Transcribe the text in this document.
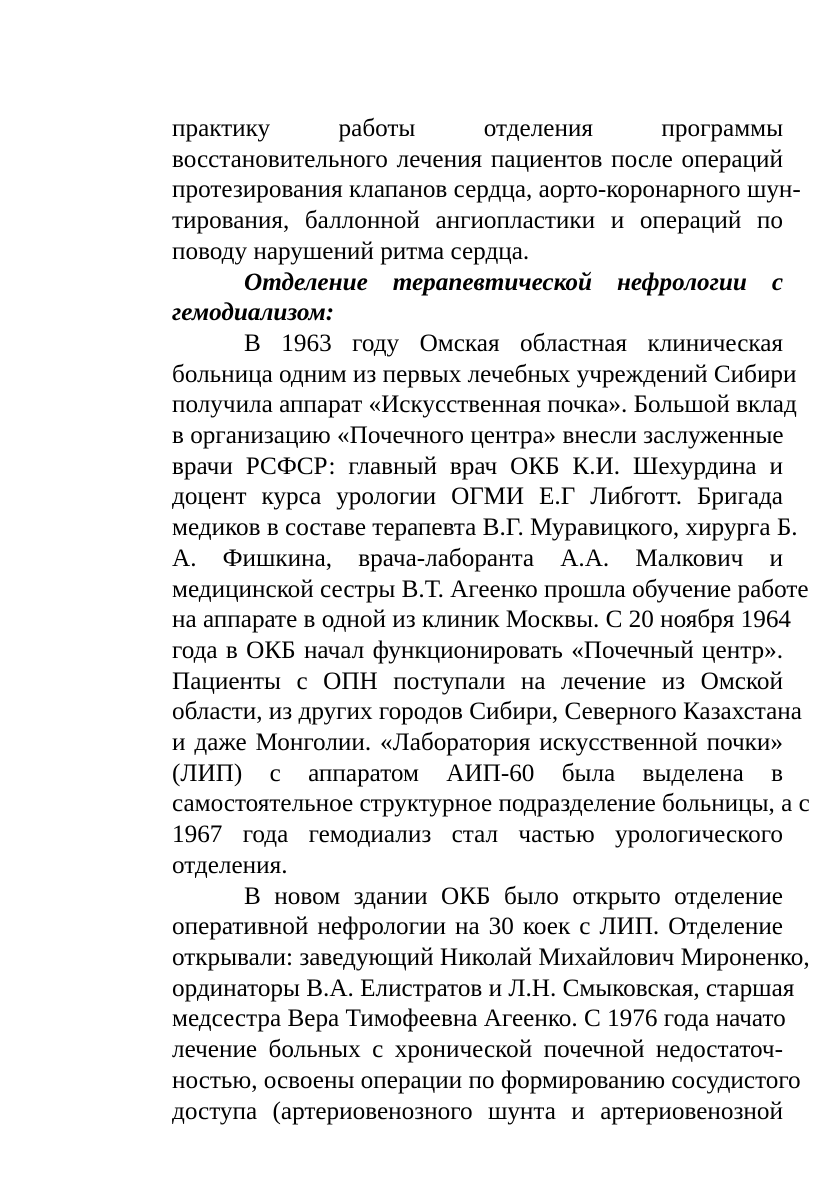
практику работы отделения программы
восстановительного лечения пациентов после операций
протезирования клапанов сердца, аорто-коронарного шун-
тирования, баллонной ангиопластики и операций по
поводу нарушений ритма сердца.

Отделение терапевтической нефрологии с
гемодиализом:

В 1963 году Омская областная клиническая
больница одним из первых лечебных учреждений Сибири
получила аппарат «Искусственная почка». Большой вклад
в организацию «Почечного центра» внесли заслуженные
врачи РСФСР: главный врач ОКБ К.И. Шехурдина и
доцент курса урологии ОГМИ Е.Г Либготт. Бригада
медиков в составе терапевта В.Г. Муравицкого, хирурга Б.
А. Фишкина, врача-лаборанта А.А. Малкович и
медицинской сестры В.Т. Агеенко прошла обучение работе
на аппарате в одной из клиник Москвы. С 20 ноября 1964
года в ОКБ начал функционировать «Почечный центр».
Пациенты с ОПН поступали на лечение из Омской
области, из других городов Сибири, Северного Казахстана
и даже Монголии. «Лаборатория искусственной почки»
(ЛИП) с аппаратом АИП-60 была выделена в
самостоятельное структурное подразделение больницы, а с
1967 года гемодиализ стал частью урологического
отделения.

В новом здании ОКБ было открыто отделение
оперативной нефрологии на 30 коек с ЛИП. Отделение
открывали: заведующий Николай Михайлович Мироненко,
ординаторы В.А. Елистратов и Л.Н. Смыковская, старшая
медсестра Вера Тимофеевна Агеенко. С 1976 года начато
лечение больных с хронической почечной недостаточ-
ностью, освоены операции по формированию сосудистого
доступа (артериовенозного шунта и артериовенозной
